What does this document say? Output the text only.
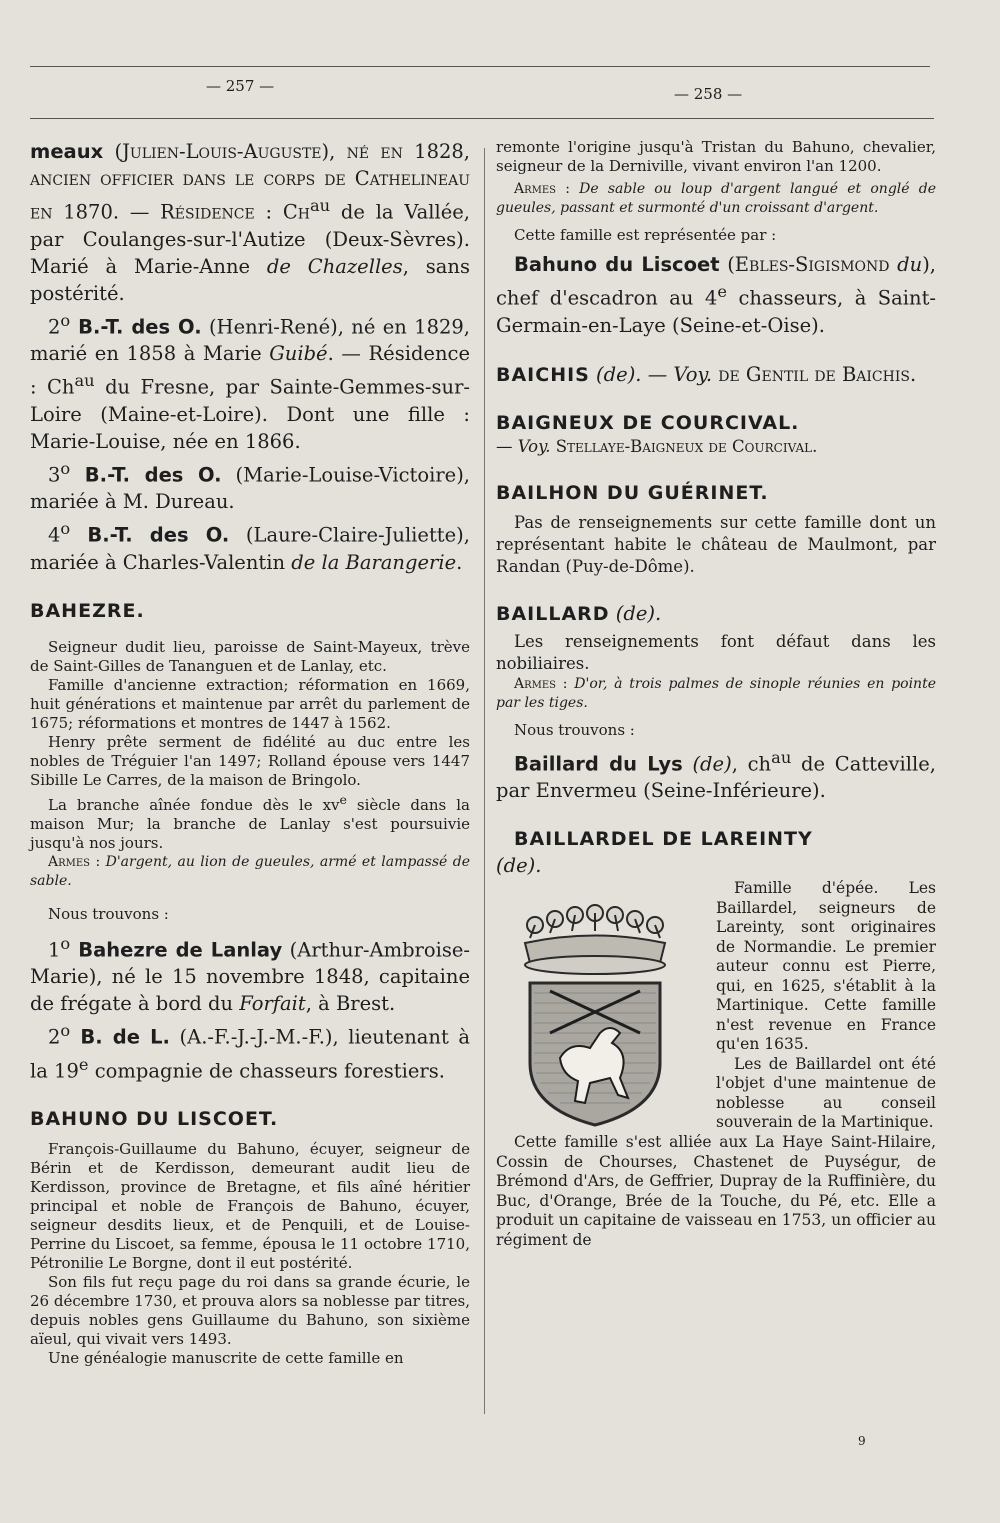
— 257 —	— 258 —

meaux (Julien-Louis-Auguste), né en 1828, ancien officier dans le corps de Cathelineau en 1870. — Résidence : $Ch^{au}$ de la Vallée, par Coulanges-sur-l'Autize (Deux-Sèvres). Marié à Marie-Anne de Chazelles, sans postérité.

2$^o$ B.-T. des O. (Henri-René), né en 1829, marié en 1858 à Marie Guibé. — Résidence : $Ch^{au}$ du Fresne, par Sainte-Gemmes-sur-Loire (Maine-et-Loire). Dont une fille : Marie-Louise, née en 1866.

3$^o$ B.-T. des O. (Marie-Louise-Victoire), mariée à M. Dureau.

4$^o$ B.-T. des O. (Laure-Claire-Juliette), mariée à Charles-Valentin de la Barangerie.

BAHEZRE.

Seigneur dudit lieu, paroisse de Saint-Mayeux, trève de Saint-Gilles de Tananguen et de Lanlay, etc.

Famille d'ancienne extraction; réformation en 1669, huit générations et maintenue par arrêt du parlement de 1675; réformations et montres de 1447 à 1562.

Henry prête serment de fidélité au duc entre les nobles de Tréguier l'an 1497; Rolland épouse vers 1447 Sibille Le Carres, de la maison de Bringolo.

La branche aînée fondue dès le $xv^e$ siècle dans la maison Mur; la branche de Lanlay s'est poursuivie jusqu'à nos jours.

Armes : D'argent, au lion de gueules, armé et lampassé de sable.

Nous trouvons :

1$^o$ Bahezre de Lanlay (Arthur-Ambroise-Marie), né le 15 novembre 1848, capitaine de frégate à bord du Forfait, à Brest.

2$^o$ B. de L. (A.-F.-J.-J.-M.-F.), lieutenant à la 19e compagnie de chasseurs forestiers.

BAHUNO DU LISCOET.

François-Guillaume du Bahuno, écuyer, seigneur de Bérin et de Kerdisson, demeurant audit lieu de Kerdisson, province de Bretagne, et fils aîné héritier principal et noble de François de Bahuno, écuyer, seigneur desdits lieux, et de Penquili, et de Louise-Perrine du Liscoet, sa femme, épousa le 11 octobre 1710, Pétronilie Le Borgne, dont il eut postérité.

Son fils fut reçu page du roi dans sa grande écurie, le 26 décembre 1730, et prouva alors sa noblesse par titres, depuis nobles gens Guillaume du Bahuno, son sixième aïeul, qui vivait vers 1493.

Une généalogie manuscrite de cette famille en

remonte l'origine jusqu'à Tristan du Bahuno, chevalier, seigneur de la Derniville, vivant environ l'an 1200.

Armes : De sable ou loup d'argent langué et onglé de gueules, passant et surmonté d'un croissant d'argent.

Cette famille est représentée par :

Bahuno du Liscoet (Ebles-Sigismond du), chef d'escadron au 4e chasseurs, à Saint-Germain-en-Laye (Seine-et-Oise).

BAICHIS (de). — Voy. de Gentil de Baichis.

BAIGNEUX DE COURCIVAL.

— Voy. Stellaye-Baigneux de Courcival.

BAILHON DU GUÉRINET.

Pas de renseignements sur cette famille dont un représentant habite le château de Maulmont, par Randan (Puy-de-Dôme).

BAILLARD (de).

Les renseignements font défaut dans les nobiliaires.

Armes : D'or, à trois palmes de sinople réunies en pointe par les tiges.

Nous trouvons :

Baillard du Lys (de), $ch^{au}$ de Catteville, par Envermeu (Seine-Inférieure).

BAILLARDEL DE LAREINTY

(de).

Famille d'épée. Les Baillardel, seigneurs de Lareinty, sont originaires de Normandie. Le premier auteur connu est Pierre, qui, en 1625, s'établit à la Martinique. Cette famille n'est revenue en France qu'en 1635.

Les de Baillardel ont été l'objet d'une maintenue de noblesse au conseil souverain de la Martinique.

Cette famille s'est alliée aux La Haye Saint-Hilaire, Cossin de Chourses, Chastenet de Puységur, de Brémond d'Ars, de Geffrier, Dupray de la Ruffinière, du Buc, d'Orange, Brée de la Touche, du Pé, etc. Elle a produit un capitaine de vaisseau en 1753, un officier au régiment de

9
